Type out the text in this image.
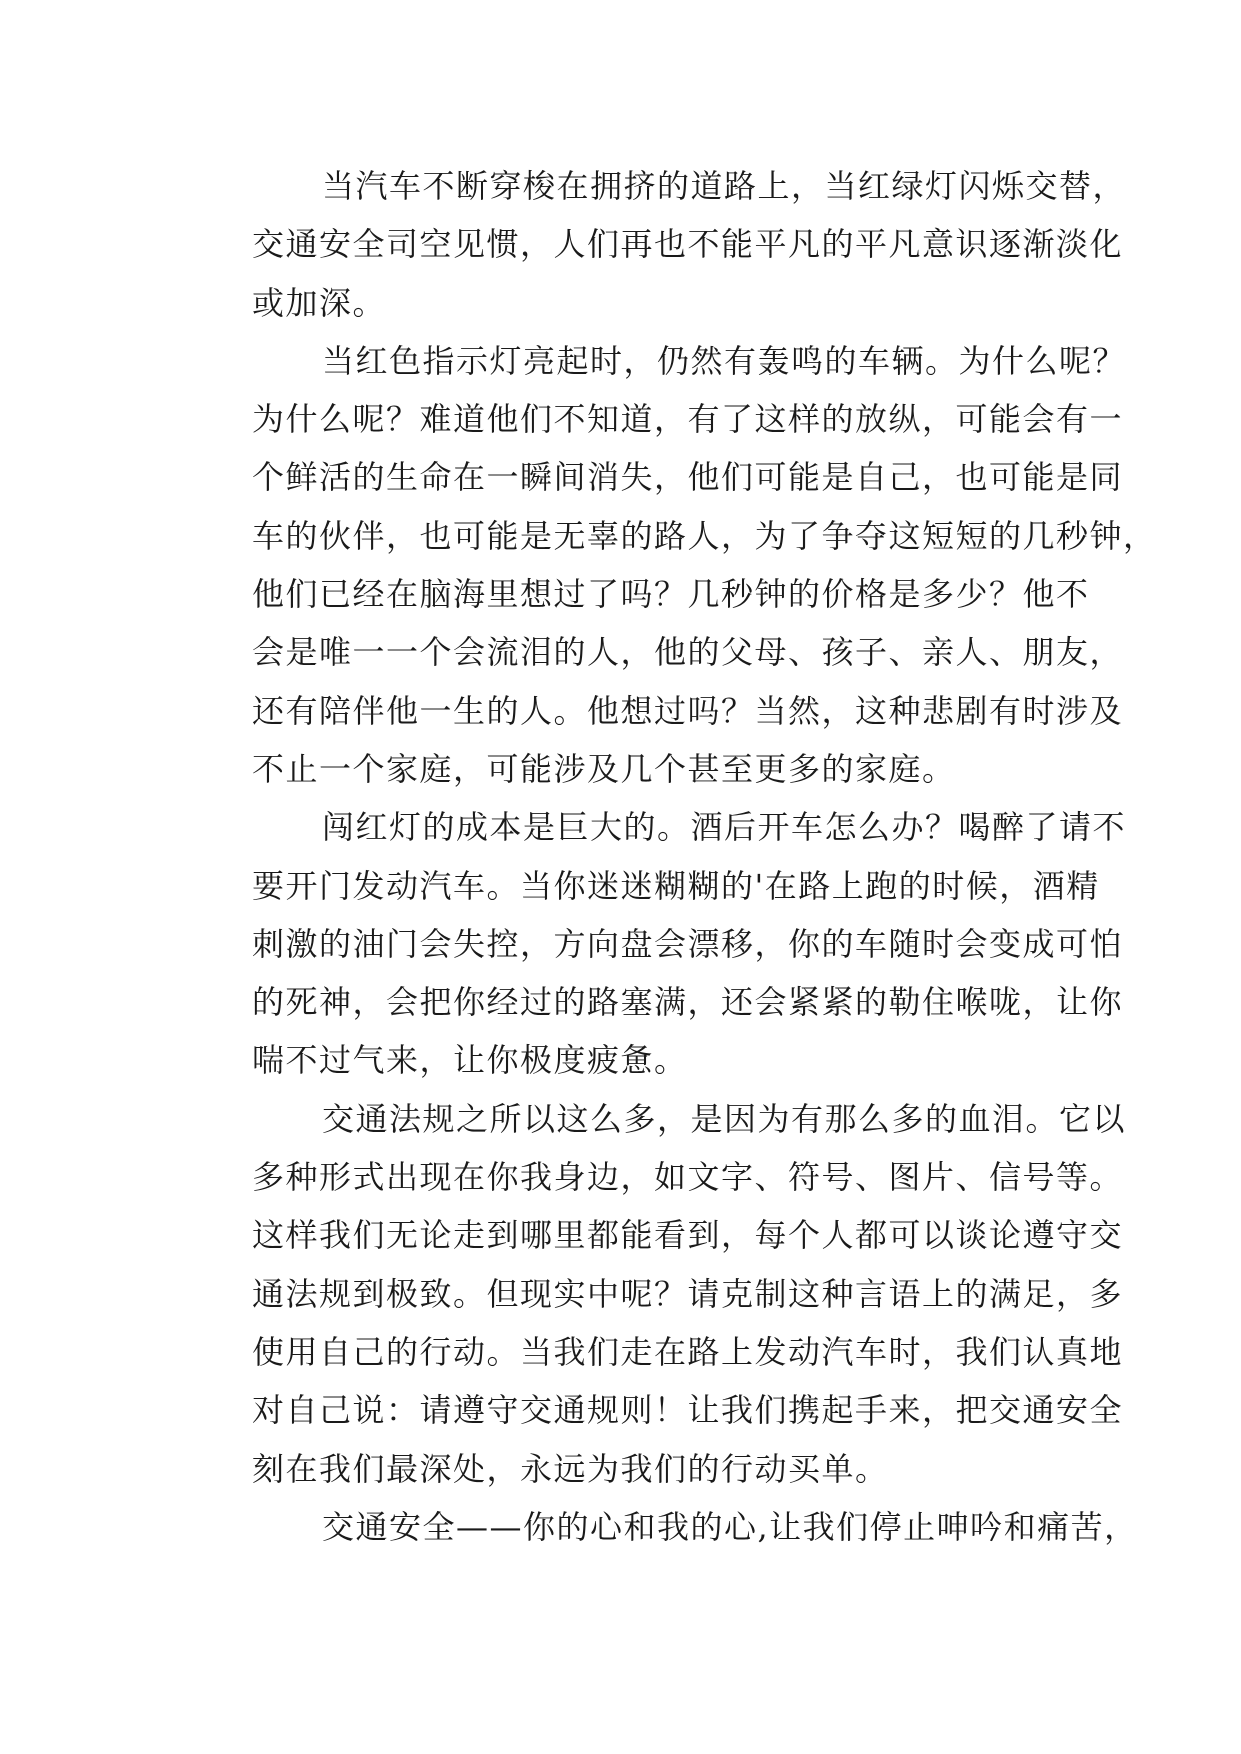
当汽车不断穿梭在拥挤的道路上，当红绿灯闪烁交替，
交通安全司空见惯，人们再也不能平凡的平凡意识逐渐淡化
或加深。
当红色指示灯亮起时，仍然有轰鸣的车辆。为什么呢？
为什么呢？难道他们不知道，有了这样的放纵，可能会有一
个鲜活的生命在一瞬间消失，他们可能是自己，也可能是同
车的伙伴，也可能是无辜的路人，为了争夺这短短的几秒钟，
他们已经在脑海里想过了吗？几秒钟的价格是多少？他不
会是唯一一个会流泪的人，他的父母、孩子、亲人、朋友，
还有陪伴他一生的人。他想过吗？当然，这种悲剧有时涉及
不止一个家庭，可能涉及几个甚至更多的家庭。
闯红灯的成本是巨大的。酒后开车怎么办？喝醉了请不
要开门发动汽车。当你迷迷糊糊的'在路上跑的时候，酒精
刺激的油门会失控，方向盘会漂移，你的车随时会变成可怕
的死神，会把你经过的路塞满，还会紧紧的勒住喉咙，让你
喘不过气来，让你极度疲惫。
交通法规之所以这么多，是因为有那么多的血泪。它以
多种形式出现在你我身边，如文字、符号、图片、信号等。
这样我们无论走到哪里都能看到，每个人都可以谈论遵守交
通法规到极致。但现实中呢？请克制这种言语上的满足，多
使用自己的行动。当我们走在路上发动汽车时，我们认真地
对自己说：请遵守交通规则！让我们携起手来，把交通安全
刻在我们最深处，永远为我们的行动买单。
交通安全——你的心和我的心,让我们停止呻吟和痛苦，
